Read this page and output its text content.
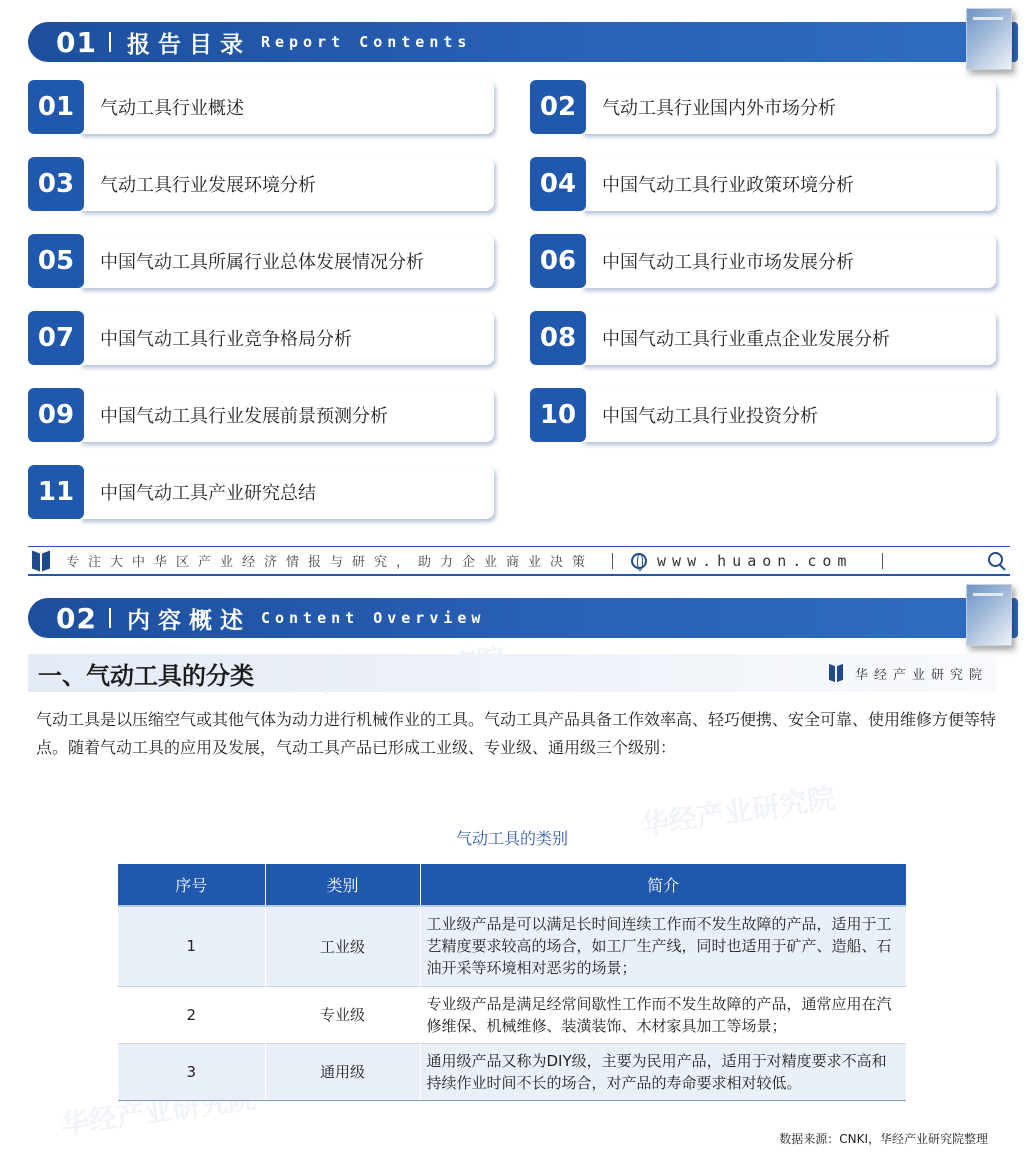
华经产业研究院
华经产业研究院
01 报告目录 Report Contents
01	气动工具行业概述	02	气动工具行业国内外市场分析
03	气动工具行业发展环境分析	04	中国气动工具行业政策环境分析
05	中国气动工具所属行业总体发展情况分析	06	中国气动工具行业市场发展分析
07	中国气动工具行业竞争格局分析	08	中国气动工具行业重点企业发展分析
09	中国气动工具行业发展前景预测分析	10	中国气动工具行业投资分析
11	中国气动工具产业研究总结
专注大中华区产业经济情报与研究，助力企业商业决策	www.huaon.com
02 内容概述 Content Overview
一、气动工具的分类	华经产业研究院

气动工具是以压缩空气或其他气体为动力进行机械作业的工具。气动工具产品具备工作效率高、轻巧便携、安全可靠、使用维修方便等特点。随着气动工具的应用及发展，气动工具产品已形成工业级、专业级、通用级三个级别：

气动工具的类别
序号	类别	简介
1	工业级	工业级产品是可以满足长时间连续工作而不发生故障的产品，适用于工艺精度要求较高的场合，如工厂生产线，同时也适用于矿产、造船、石油开采等环境相对恶劣的场景；
2	专业级	专业级产品是满足经常间歇性工作而不发生故障的产品，通常应用在汽修维保、机械维修、装潢装饰、木材家具加工等场景；
3	通用级	通用级产品又称为DIY级，主要为民用产品，适用于对精度要求不高和持续作业时间不长的场合，对产品的寿命要求相对较低。
数据来源：CNKI，华经产业研究院整理
